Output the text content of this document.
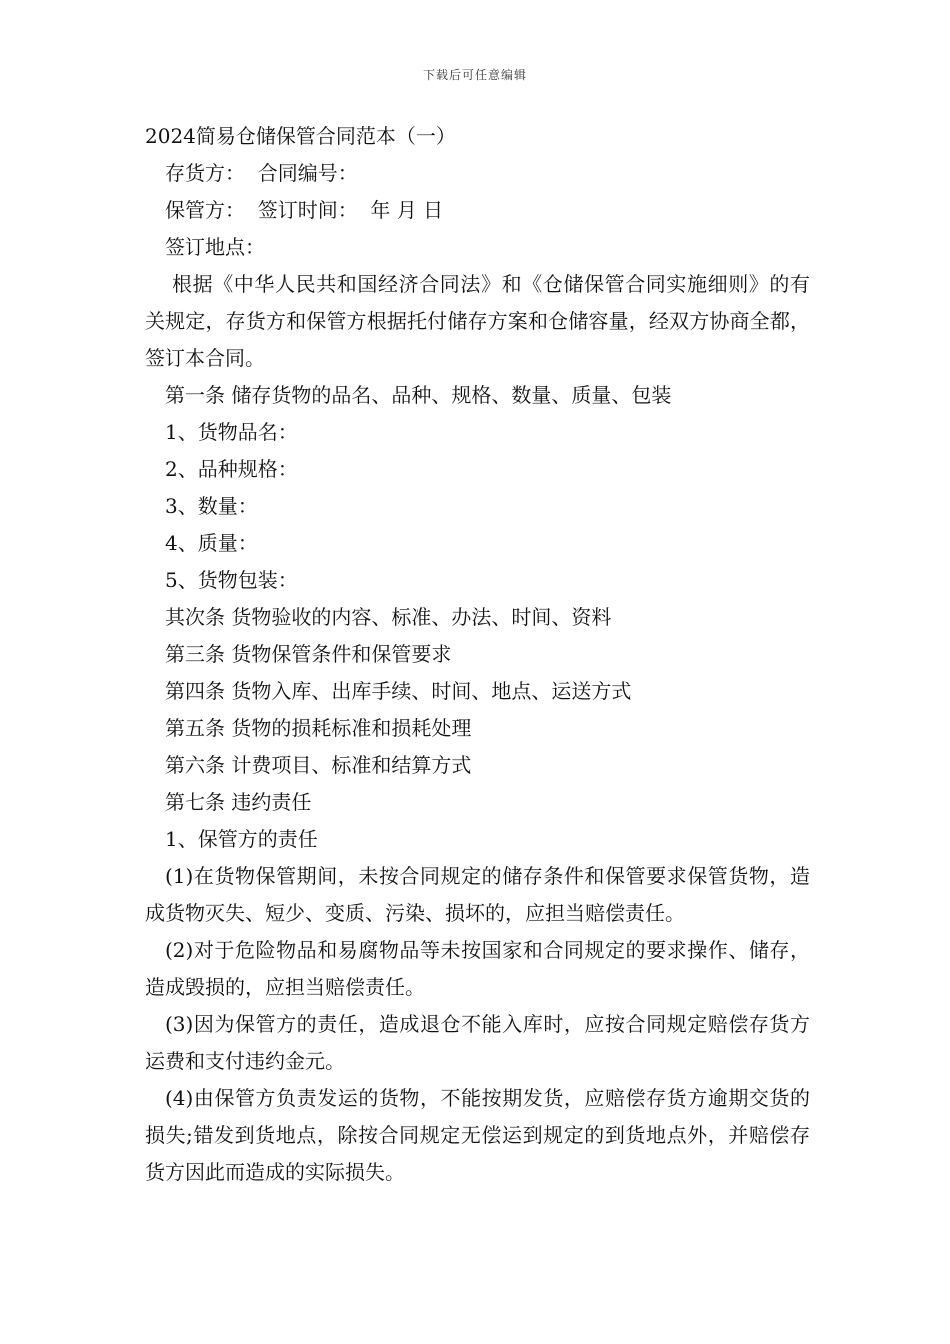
下载后可任意编辑
2024简易仓储保管合同范本（一）
存货方：  合同编号：
保管方：  签订时间：  年 月 日
签订地点：
根据《中华人民共和国经济合同法》和《仓储保管合同实施细则》的有关规定，存货方和保管方根据托付储存方案和仓储容量，经双方协商全都，签订本合同。
第一条 储存货物的品名、品种、规格、数量、质量、包装
1、货物品名：
2、品种规格：
3、数量：
4、质量：
5、货物包装：
其次条 货物验收的内容、标准、办法、时间、资料
第三条 货物保管条件和保管要求
第四条 货物入库、出库手续、时间、地点、运送方式
第五条 货物的损耗标准和损耗处理
第六条 计费项目、标准和结算方式
第七条 违约责任
1、保管方的责任
(1)在货物保管期间，未按合同规定的储存条件和保管要求保管货物，造成货物灭失、短少、变质、污染、损坏的，应担当赔偿责任。
(2)对于危险物品和易腐物品等未按国家和合同规定的要求操作、储存，造成毁损的，应担当赔偿责任。
(3)因为保管方的责任，造成退仓不能入库时，应按合同规定赔偿存货方运费和支付违约金元。
(4)由保管方负责发运的货物，不能按期发货，应赔偿存货方逾期交货的损失;错发到货地点，除按合同规定无偿运到规定的到货地点外，并赔偿存货方因此而造成的实际损失。
